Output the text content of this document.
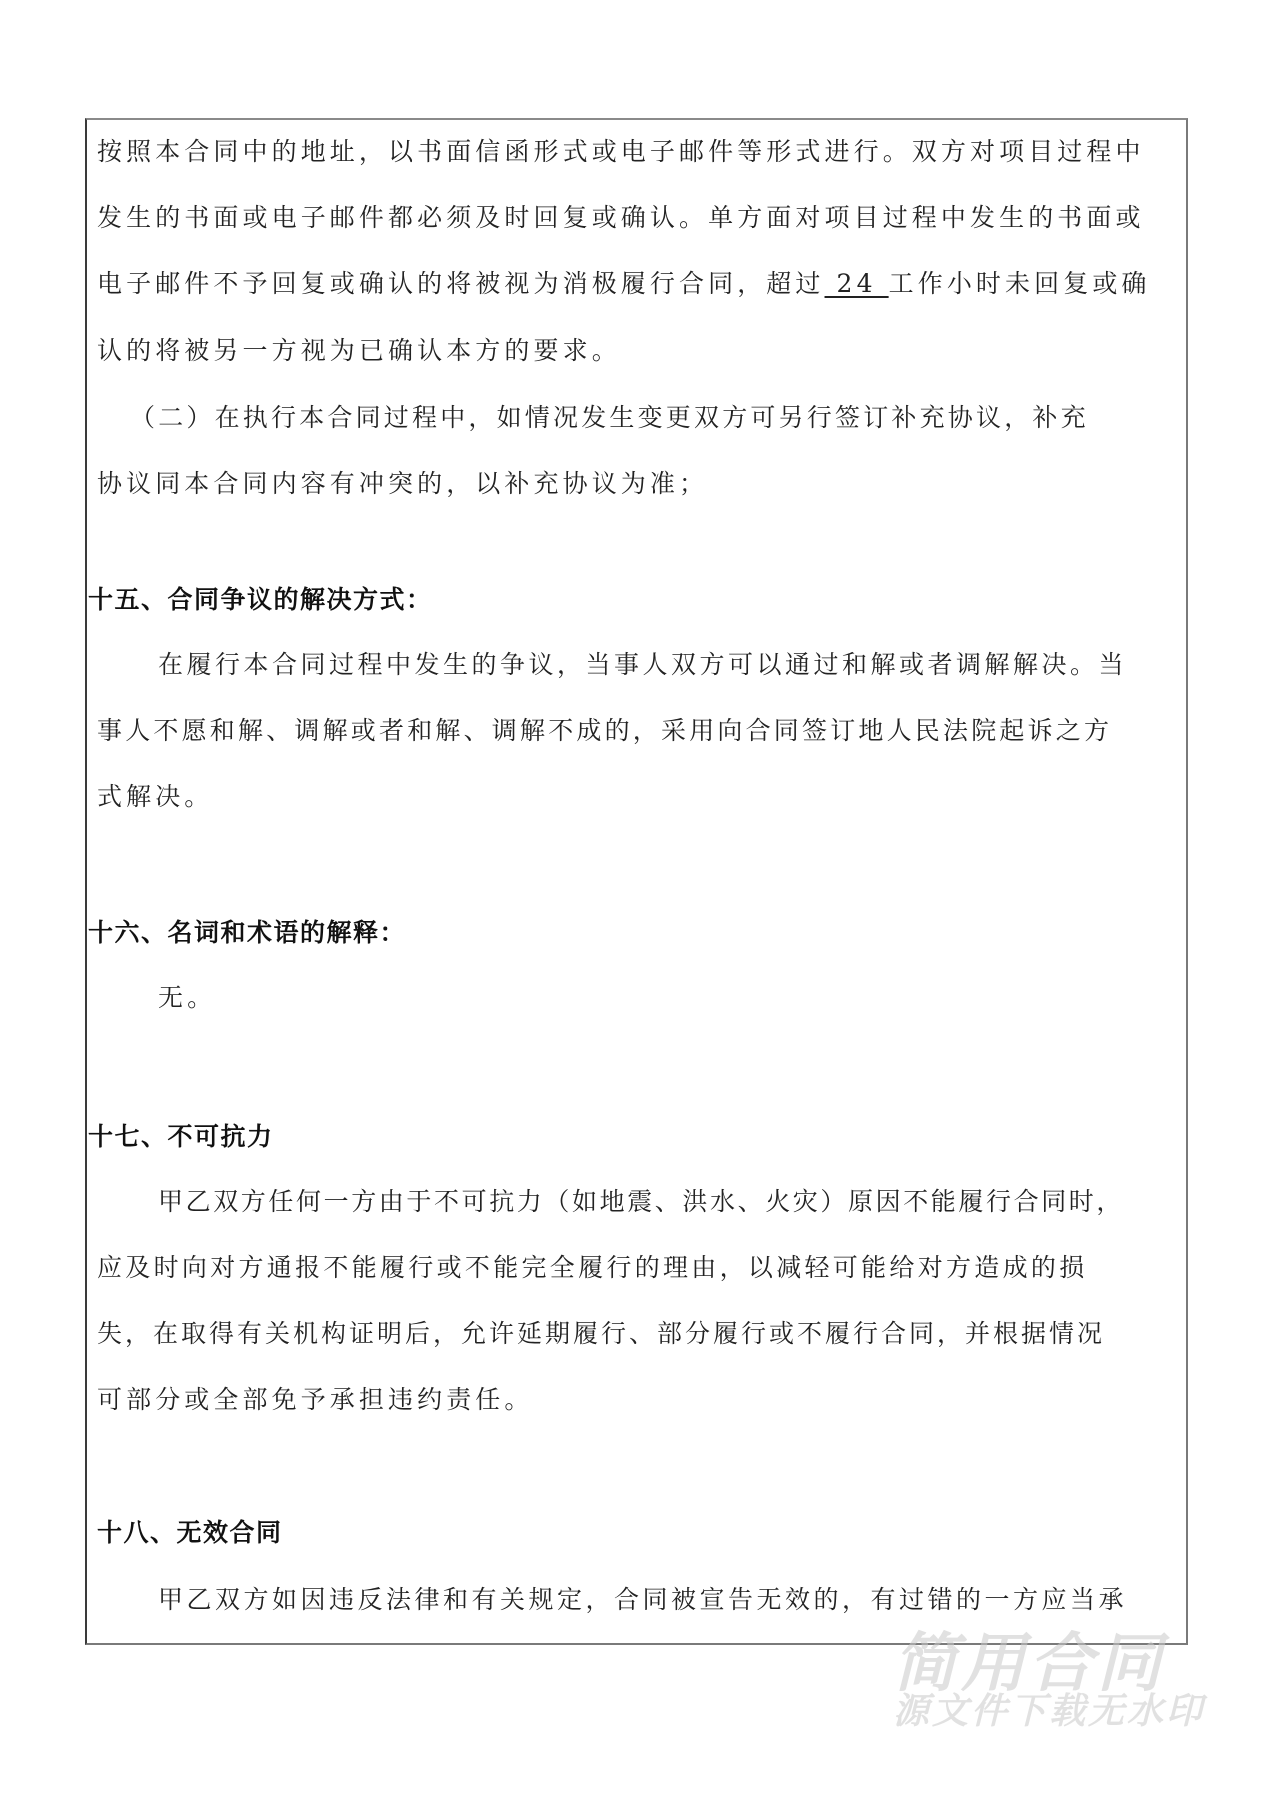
按照本合同中的地址，以书面信函形式或电子邮件等形式进行。双方对项目过程中
发生的书面或电子邮件都必须及时回复或确认。单方面对项目过程中发生的书面或
电子邮件不予回复或确认的将被视为消极履行合同，超过 24 工作小时未回复或确
认的将被另一方视为已确认本方的要求。
（二）在执行本合同过程中，如情况发生变更双方可另行签订补充协议，补充
协议同本合同内容有冲突的，以补充协议为准；
十五、合同争议的解决方式：
在履行本合同过程中发生的争议，当事人双方可以通过和解或者调解解决。当
事人不愿和解、调解或者和解、调解不成的，采用向合同签订地人民法院起诉之方
式解决。
十六、名词和术语的解释：
无。
十七、不可抗力
甲乙双方任何一方由于不可抗力（如地震、洪水、火灾）原因不能履行合同时，
应及时向对方通报不能履行或不能完全履行的理由，以减轻可能给对方造成的损
失，在取得有关机构证明后，允许延期履行、部分履行或不履行合同，并根据情况
可部分或全部免予承担违约责任。
十八、无效合同
甲乙双方如因违反法律和有关规定，合同被宣告无效的，有过错的一方应当承
简用合同
源文件下载无水印
